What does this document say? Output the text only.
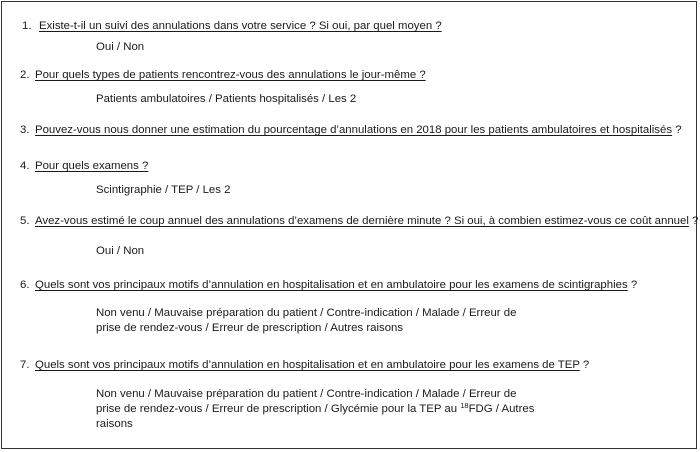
1. Existe-t-il un suivi des annulations dans votre service ? Si oui, par quel moyen ?
Oui / Non
2. Pour quels types de patients rencontrez-vous des annulations le jour-même ?
Patients ambulatoires / Patients hospitalisés / Les 2
3. Pouvez-vous nous donner une estimation du pourcentage d’annulations en 2018 pour les patients ambulatoires et hospitalisés ?
4. Pour quels examens ?
Scintigraphie / TEP / Les 2
5. Avez-vous estimé le coup annuel des annulations d’examens de dernière minute ? Si oui, à combien estimez-vous ce coût annuel ?
Oui / Non
6. Quels sont vos principaux motifs d’annulation en hospitalisation et en ambulatoire pour les examens de scintigraphies ?
Non venu / Mauvaise préparation du patient / Contre-indication / Malade / Erreur de
prise de rendez-vous / Erreur de prescription / Autres raisons
7. Quels sont vos principaux motifs d’annulation en hospitalisation et en ambulatoire pour les examens de TEP ?
Non venu / Mauvaise préparation du patient / Contre-indication / Malade / Erreur de
prise de rendez-vous / Erreur de prescription / Glycémie pour la TEP au $^{18}$FDG / Autres
raisons
